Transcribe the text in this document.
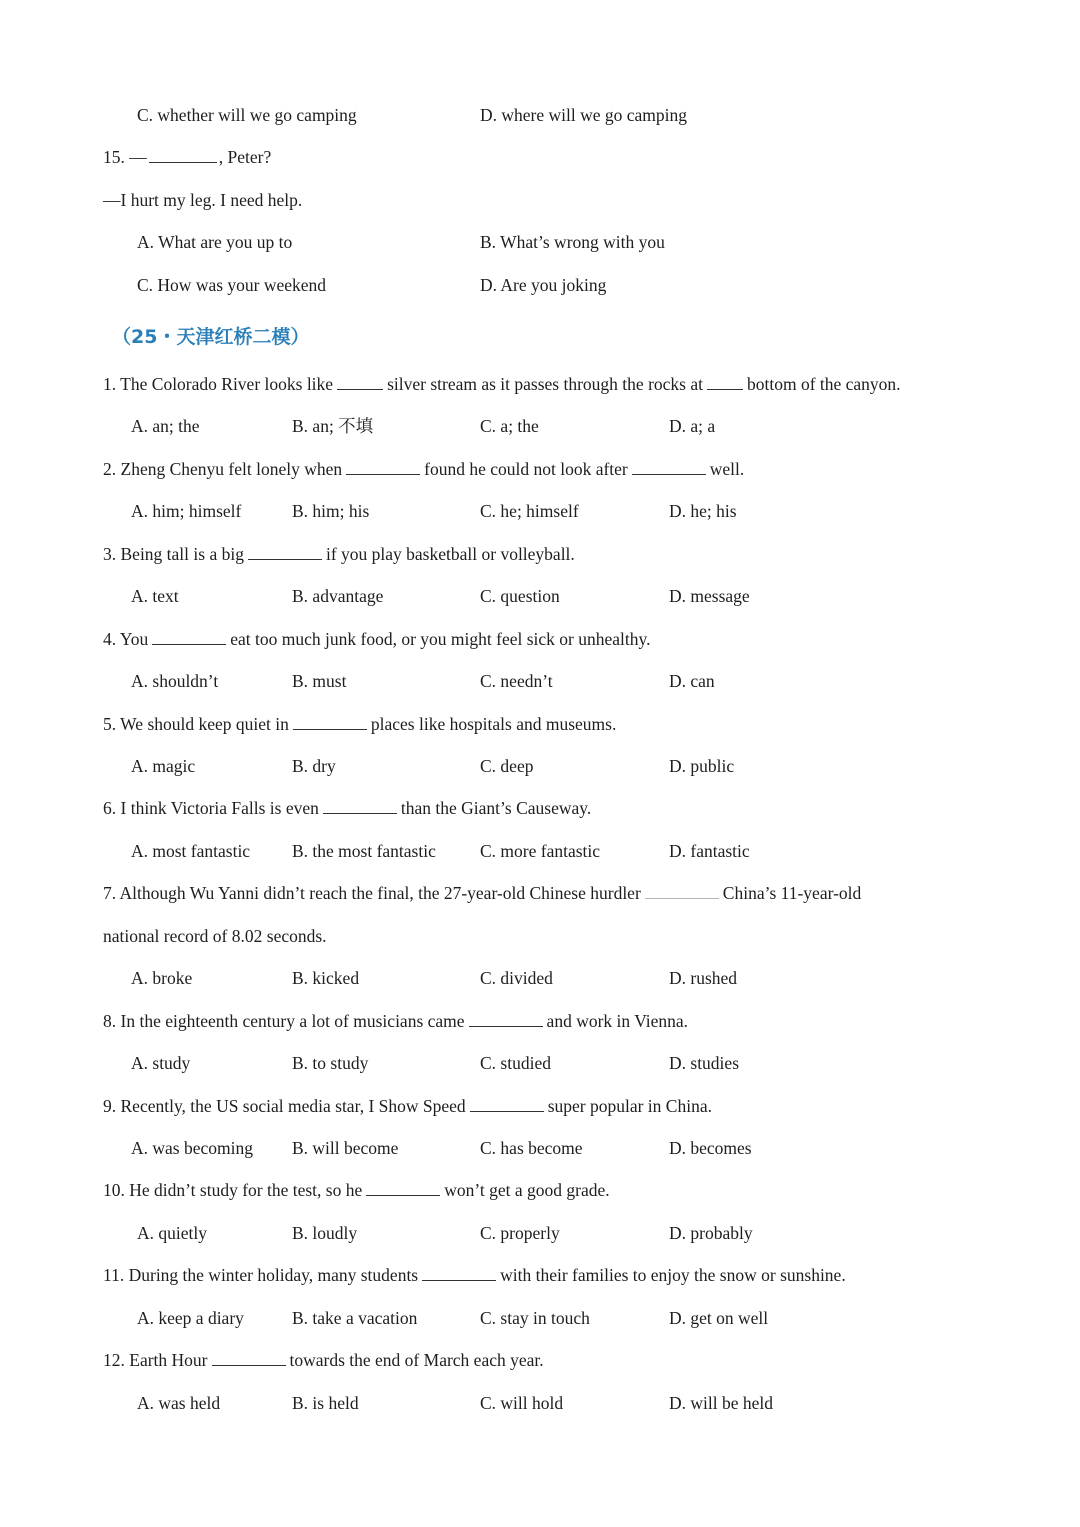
C. whether will we go camping	D. where will we go camping
15. —	, Peter?
—I hurt my leg. I need help.
A. What are you up to	B. What’s wrong with you
C. How was your weekend	D. Are you joking
（25・天津红桥二模）
1. The Colorado River looks like	silver stream as it passes through the rocks at	bottom of the canyon.
A. an; the	B. an; 不填	C. a; the	D. a; a
2. Zheng Chenyu felt lonely when	found he could not look after	well.
A. him; himself	B. him; his	C. he; himself	D. he; his
3. Being tall is a big	if you play basketball or volleyball.
A. text	B. advantage	C. question	D. message
4. You	eat too much junk food, or you might feel sick or unhealthy.
A. shouldn’t	B. must	C. needn’t	D. can
5. We should keep quiet in	places like hospitals and museums.
A. magic	B. dry	C. deep	D. public
6. I think Victoria Falls is even	than the Giant’s Causeway.
A. most fantastic B. the most fantastic	C. more fantastic	D. fantastic
7. Although Wu Yanni didn’t reach the final, the 27-year-old Chinese hurdler	China’s 11-year-old
national record of 8.02 seconds.
A. broke	B. kicked	C. divided	D. rushed
8. In the eighteenth century a lot of musicians came	and work in Vienna.
A. study	B. to study	C. studied	D. studies
9. Recently, the US social media star, I Show Speed	super popular in China.
A. was becoming B. will become	C. has become	D. becomes
10. He didn’t study for the test, so he	won’t get a good grade.
A. quietly	B. loudly	C. properly	D. probably
11. During the winter holiday, many students	with their families to enjoy the snow or sunshine.
A. keep a diary	B. take a vacation	C. stay in touch	D. get on well
12. Earth Hour	towards the end of March each year.
A. was held	B. is held	C. will hold	D. will be held
